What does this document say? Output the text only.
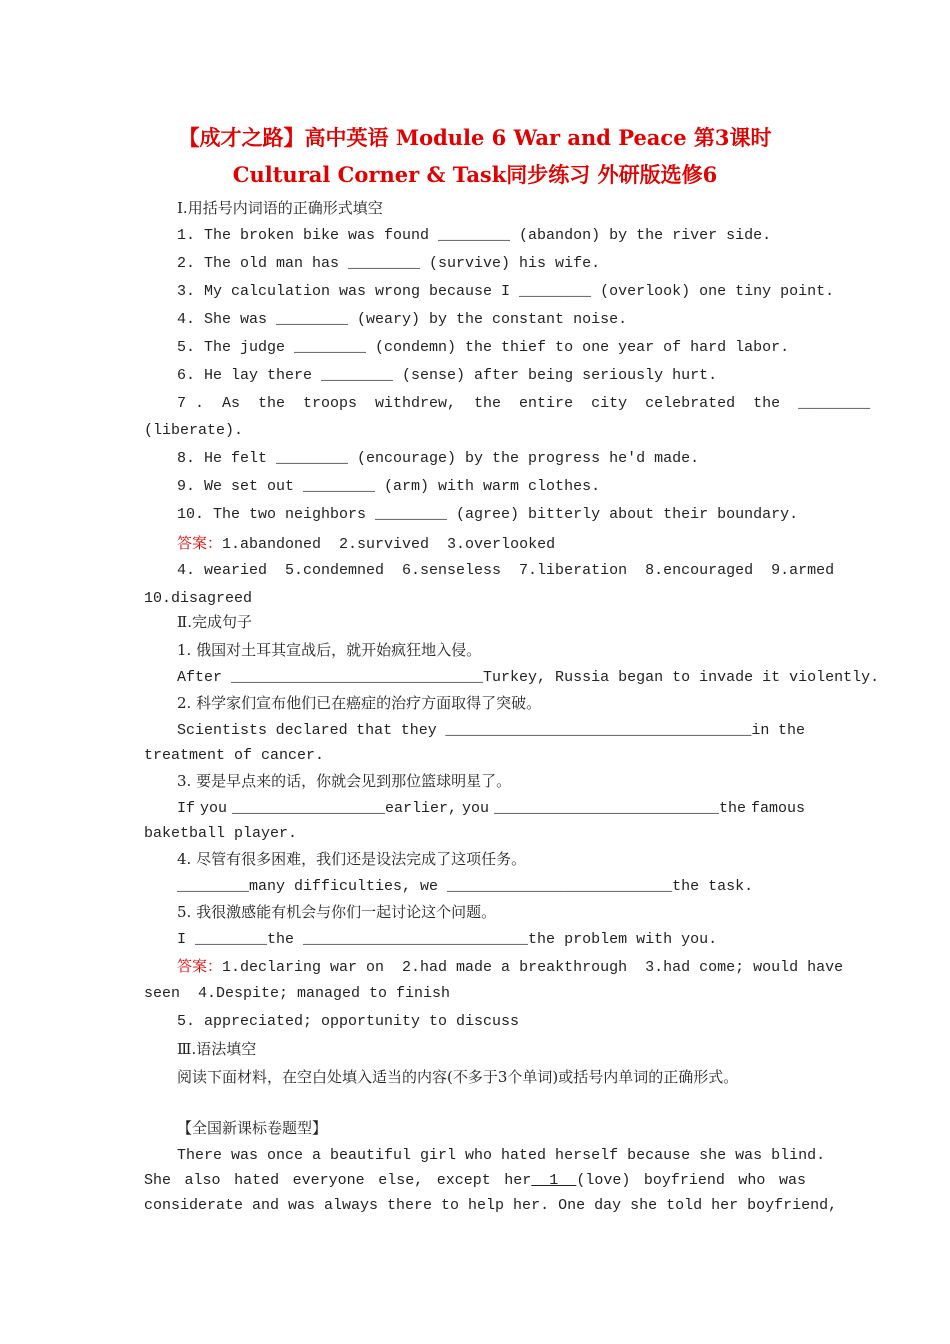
【成才之路】高中英语 Module 6 War and Peace 第3课时
Cultural Corner & Task同步练习 外研版选修6
Ⅰ.用括号内词语的正确形式填空
1. The broken bike was found ________ (abandon) by the river side.
2. The old man has ________ (survive) his wife.
3. My calculation was wrong because I ________ (overlook) one tiny point.
4. She was ________ (weary) by the constant noise.
5. The judge ________ (condemn) the thief to one year of hard labor.
6. He lay there ________ (sense) after being seriously hurt.
7 .  As  the  troops  withdrew,  the  entire  city  celebrated  the  ________
(liberate).
8. He felt ________ (encourage) by the progress he'd made.
9. We set out ________ (arm) with warm clothes.
10. The two neighbors ________ (agree) bitterly about their boundary.
答案：1.abandoned  2.survived  3.overlooked
4. wearied  5.condemned  6.senseless  7.liberation  8.encouraged  9.armed
10.disagreed
Ⅱ.完成句子
1. 俄国对土耳其宣战后，就开始疯狂地入侵。
After ____________________________Turkey, Russia began to invade it violently.
2. 科学家们宣布他们已在癌症的治疗方面取得了突破。
Scientists declared that they __________________________________in the
treatment of cancer.
3. 要是早点来的话，你就会见到那位篮球明星了。
If you _________________earlier, you _________________________the famous
baketball player.
4. 尽管有很多困难，我们还是设法完成了这项任务。
________many difficulties, we _________________________the task.
5. 我很激感能有机会与你们一起讨论这个问题。
I ________the _________________________the problem with you.
答案：1.declaring war on  2.had made a breakthrough  3.had come; would have
seen  4.Despite; managed to finish
5. appreciated; opportunity to discuss
Ⅲ.语法填空
阅读下面材料，在空白处填入适当的内容(不多于3个单词)或括号内单词的正确形式。
【全国新课标卷题型】
There was once a beautiful girl who hated herself because she was blind.
She also hated everyone else, except her  1  (love) boyfriend who was
considerate and was always there to help her. One day she told her boyfriend,
